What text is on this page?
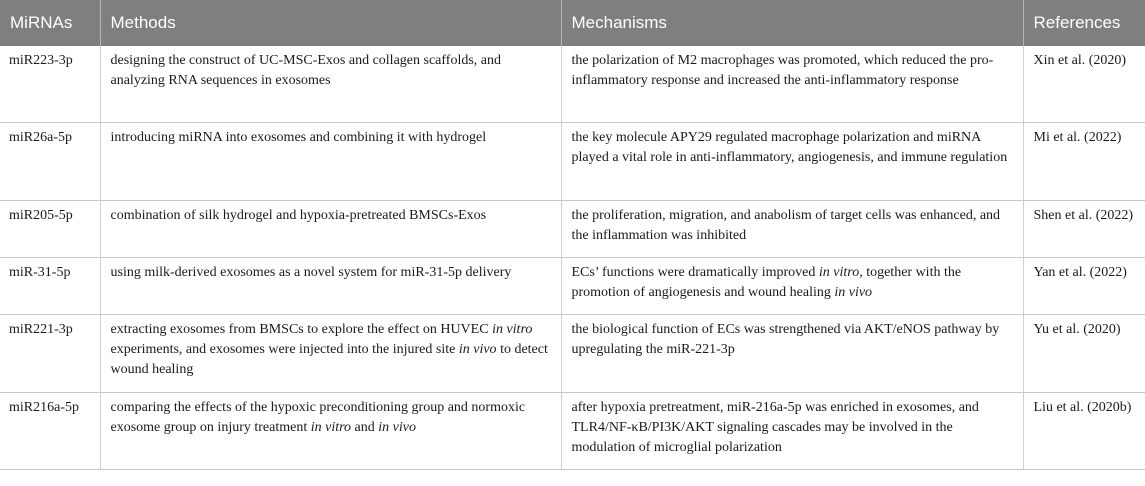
MiRNAs	Methods	Mechanisms	References
miR223-3p	designing the construct of UC-MSC-Exos and collagen scaffolds, and analyzing RNA sequences in exosomes	the polarization of M2 macrophages was promoted, which reduced the pro-inflammatory response and increased the anti-inflammatory response	Xin et al. (2020)
miR26a-5p	introducing miRNA into exosomes and combining it with hydrogel	the key molecule APY29 regulated macrophage polarization and miRNA played a vital role in anti-inflammatory, angiogenesis, and immune regulation	Mi et al. (2022)
miR205-5p	combination of silk hydrogel and hypoxia-pretreated BMSCs-Exos	the proliferation, migration, and anabolism of target cells was enhanced, and the inflammation was inhibited	Shen et al. (2022)
miR-31-5p	using milk-derived exosomes as a novel system for miR-31-5p delivery	ECs’ functions were dramatically improved in vitro, together with the promotion of angiogenesis and wound healing in vivo	Yan et al. (2022)
miR221-3p	extracting exosomes from BMSCs to explore the effect on HUVEC in vitro experiments, and exosomes were injected into the injured site in vivo to detect wound healing	the biological function of ECs was strengthened via AKT/eNOS pathway by upregulating the miR-221-3p	Yu et al. (2020)
miR216a-5p	comparing the effects of the hypoxic preconditioning group and normoxic exosome group on injury treatment in vitro and in vivo	after hypoxia pretreatment, miR-216a-5p was enriched in exosomes, and TLR4/NF-κB/PI3K/AKT signaling cascades may be involved in the modulation of microglial polarization	Liu et al. (2020b)
